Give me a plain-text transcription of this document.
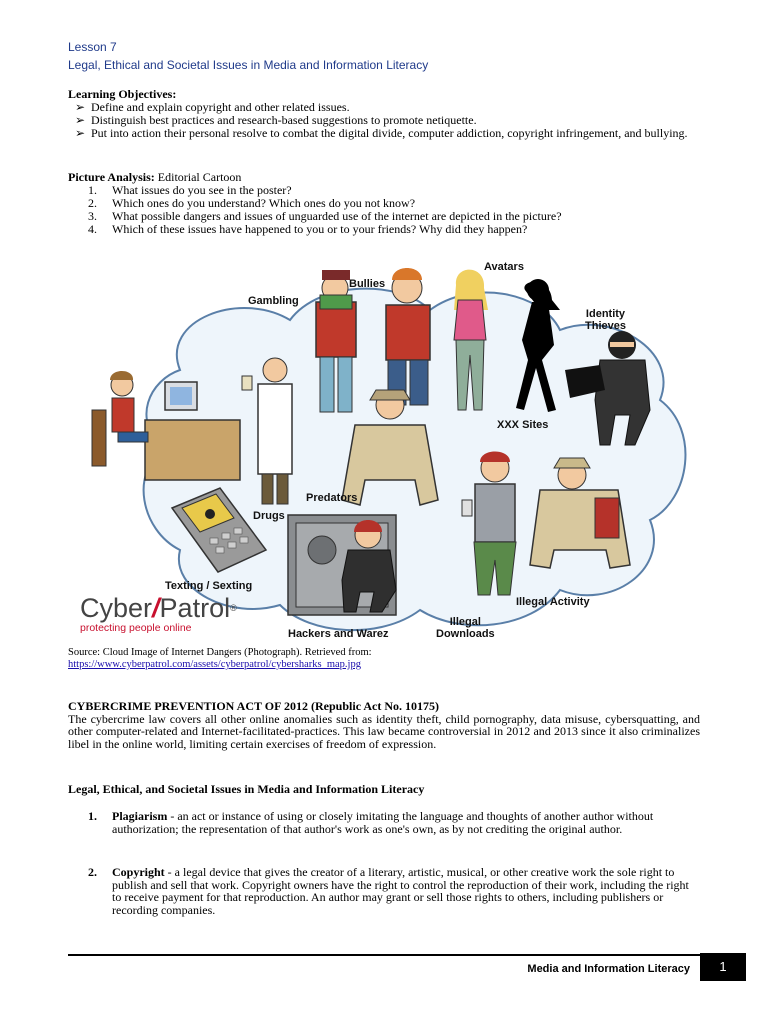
Lesson 7
Legal, Ethical and Societal Issues in Media and Information Literacy
Learning Objectives:
➢ Define and explain copyright and other related issues.
➢ Distinguish best practices and research-based suggestions to promote netiquette.
➢ Put into action their personal resolve to combat the digital divide, computer addiction, copyright infringement, and bullying.
Picture Analysis: Editorial Cartoon
1. What issues do you see in the poster?
2. Which ones do you understand? Which ones do you not know?
3. What possible dangers and issues of unguarded use of the internet are depicted in the picture?
4. Which of these issues have happened to you or to your friends? Why did they happen?
Avatars
Bullies
Gambling
Identity
Thieves
XXX Sites
Predators
Drugs
Texting / Sexting
Hackers and Warez
Illegal
Downloads
Illegal Activity
Cyber/Patrol®
protecting people online
Source: Cloud Image of Internet Dangers (Photograph). Retrieved from:
https://www.cyberpatrol.com/assets/cyberpatrol/cybersharks_map.jpg
CYBERCRIME PREVENTION ACT OF 2012 (Republic Act No. 10175)
The cybercrime law covers all other online anomalies such as identity theft, child pornography, data misuse, cybersquatting, and other computer-related and Internet-facilitated-practices. This law became controversial in 2012 and 2013 since it also criminalizes libel in the online world, limiting certain exercises of freedom of expression.
Legal, Ethical, and Societal Issues in Media and Information Literacy
1. Plagiarism - an act or instance of using or closely imitating the language and thoughts of another author without authorization; the representation of that author's work as one's own, as by not crediting the original author.
2. Copyright - a legal device that gives the creator of a literary, artistic, musical, or other creative work the sole right to publish and sell that work. Copyright owners have the right to control the reproduction of their work, including the right to receive payment for that reproduction. An author may grant or sell those rights to others, including publishers or recording companies.
Media and Information Literacy	1
